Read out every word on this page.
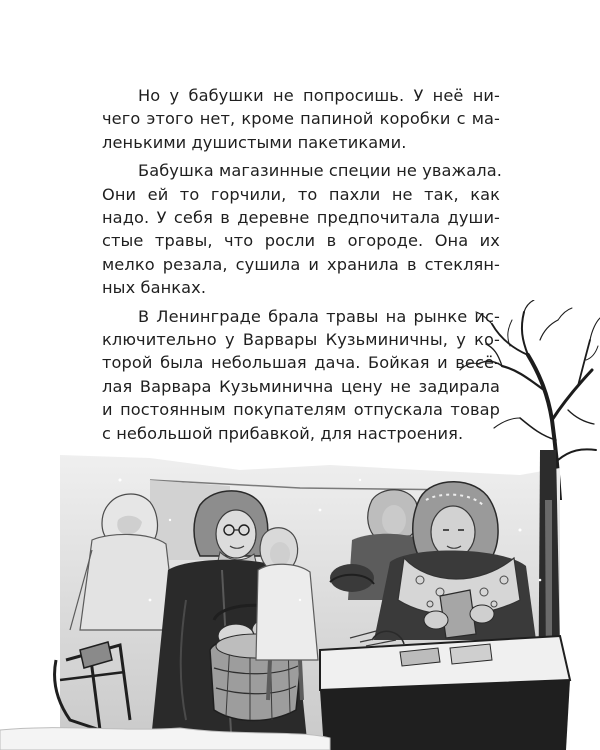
Но у бабушки не попросишь. У неё ни-
чего этого нет, кроме папиной коробки с ма-
ленькими душистыми пакетиками.

Бабушка магазинные специи не уважала.
Они ей то горчили, то пахли не так, как
надо. У себя в деревне предпочитала души-
стые травы, что росли в огороде. Она их
мелко резала, сушила и хранила в стеклян-
ных банках.

В Ленинграде брала травы на рынке ис-
ключительно у Варвары Кузьминичны, у ко-
торой была небольшая дача. Бойкая и весё-
лая Варвара Кузьминична цену не задирала
и постоянным покупателям отпускала товар
с небольшой прибавкой, для настроения.
